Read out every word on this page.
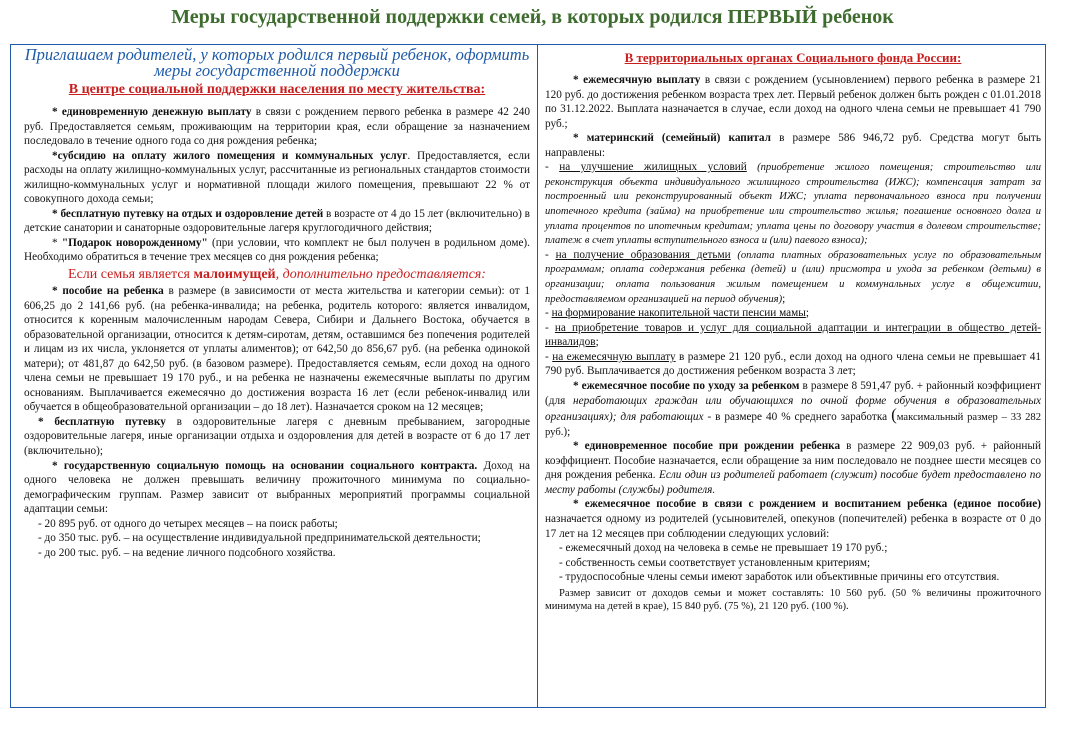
Меры государственной поддержки семей, в которых родился ПЕРВЫЙ ребенок

Приглашаем родителей, у которых родился первый ребенок, оформить меры государственной поддержки

В центре социальной поддержки населения по месту жительства:

* единовременную денежную выплату в связи с рождением первого ребенка в размере 42 240 руб. Предоставляется семьям, проживающим на территории края, если обращение за назначением последовало в течение одного года со дня рождения ребенка;

*субсидию на оплату жилого помещения и коммунальных услуг. Предоставляется, если расходы на оплату жилищно-коммунальных услуг, рассчитанные из региональных стандартов стоимости жилищно-коммунальных услуг и нормативной площади жилого помещения, превышают 22 % от совокупного дохода семьи;

* бесплатную путевку на отдых и оздоровление детей в возрасте от 4 до 15 лет (включительно) в детские санатории и санаторные оздоровительные лагеря круглогодичного действия;

* "Подарок новорожденному" (при условии, что комплект не был получен в родильном доме). Необходимо обратиться в течение трех месяцев со дня рождения ребенка;

Если семья является малоимущей, дополнительно предоставляется:

* пособие на ребенка в размере (в зависимости от места жительства и категории семьи): от 1 606,25 до 2 141,66 руб. (на ребенка-инвалида; на ребенка, родитель которого: является инвалидом, относится к коренным малочисленным народам Севера, Сибири и Дальнего Востока, обучается в образовательной организации, относится к детям-сиротам, детям, оставшимся без попечения родителей и лицам из их числа, уклоняется от уплаты алиментов); от 642,50 до 856,67 руб. (на ребенка одинокой матери); от 481,87 до 642,50 руб. (в базовом размере). Предоставляется семьям, если доход на одного члена семьи не превышает 19 170 руб., и на ребенка не назначены ежемесячные выплаты по другим основаниям. Выплачивается ежемесячно до достижения возраста 16 лет (если ребенок-инвалид или обучается в общеобразовательной организации – до 18 лет). Назначается сроком на 12 месяцев;

* бесплатную путевку в оздоровительные лагеря с дневным пребыванием, загородные оздоровительные лагеря, иные организации отдыха и оздоровления для детей в возрасте от 6 до 17 лет (включительно);

* государственную социальную помощь на основании социального контракта. Доход на одного человека не должен превышать величину прожиточного минимума по социально-демографическим группам. Размер зависит от выбранных мероприятий программы социальной адаптации семьи:

- 20 895 руб. от одного до четырех месяцев – на поиск работы;

- до 350 тыс. руб. – на осуществление индивидуальной предпринимательской деятельности;

- до 200 тыс. руб. – на ведение личного подсобного хозяйства.

В территориальных органах Социального фонда России:

* ежемесячную выплату в связи с рождением (усыновлением) первого ребенка в размере 21 120 руб. до достижения ребенком возраста трех лет. Первый ребенок должен быть рожден с 01.01.2018 по 31.12.2022. Выплата назначается в случае, если доход на одного члена семьи не превышает 41 790 руб.;

* материнский (семейный) капитал в размере 586 946,72 руб. Средства могут быть направлены:

- на улучшение жилищных условий (приобретение жилого помещения; строительство или реконструкция объекта индивидуального жилищного строительства (ИЖС); компенсация затрат за построенный или реконструированный объект ИЖС; уплата первоначального взноса при получении ипотечного кредита (займа) на приобретение или строительство жилья; погашение основного долга и уплата процентов по ипотечным кредитам; уплата цены по договору участия в долевом строительстве; платеж в счет уплаты вступительного взноса и (или) паевого взноса);

- на получение образования детьми (оплата платных образовательных услуг по образовательным программам; оплата содержания ребенка (детей) и (или) присмотра и ухода за ребенком (детьми) в организации; оплата пользования жилым помещением и коммунальных услуг в общежитии, предоставляемом организацией на период обучения);

- на формирование накопительной части пенсии мамы;

- на приобретение товаров и услуг для социальной адаптации и интеграции в общество детей-инвалидов;

- на ежемесячную выплату в размере 21 120 руб., если доход на одного члена семьи не превышает 41 790 руб. Выплачивается до достижения ребенком возраста 3 лет;

* ежемесячное пособие по уходу за ребенком в размере 8 591,47 руб. + районный коэффициент (для неработающих граждан или обучающихся по очной форме обучения в образовательных организациях); для работающих - в размере 40 % среднего заработка (максимальный размер – 33 282 руб.);

* единовременное пособие при рождении ребенка в размере 22 909,03 руб. + районный коэффициент. Пособие назначается, если обращение за ним последовало не позднее шести месяцев со дня рождения ребенка. Если один из родителей работает (служит) пособие будет предоставлено по месту работы (службы) родителя.

* ежемесячное пособие в связи с рождением и воспитанием ребенка (единое пособие) назначается одному из родителей (усыновителей, опекунов (попечителей) ребенка в возрасте от 0 до 17 лет на 12 месяцев при соблюдении следующих условий:

- ежемесячный доход на человека в семье не превышает 19 170 руб.;

- собственность семьи соответствует установленным критериям;

- трудоспособные члены семьи имеют заработок или объективные причины его отсутствия.

Размер зависит от доходов семьи и может составлять: 10 560 руб. (50 % величины прожиточного минимума на детей в крае), 15 840 руб. (75 %), 21 120 руб. (100 %).
